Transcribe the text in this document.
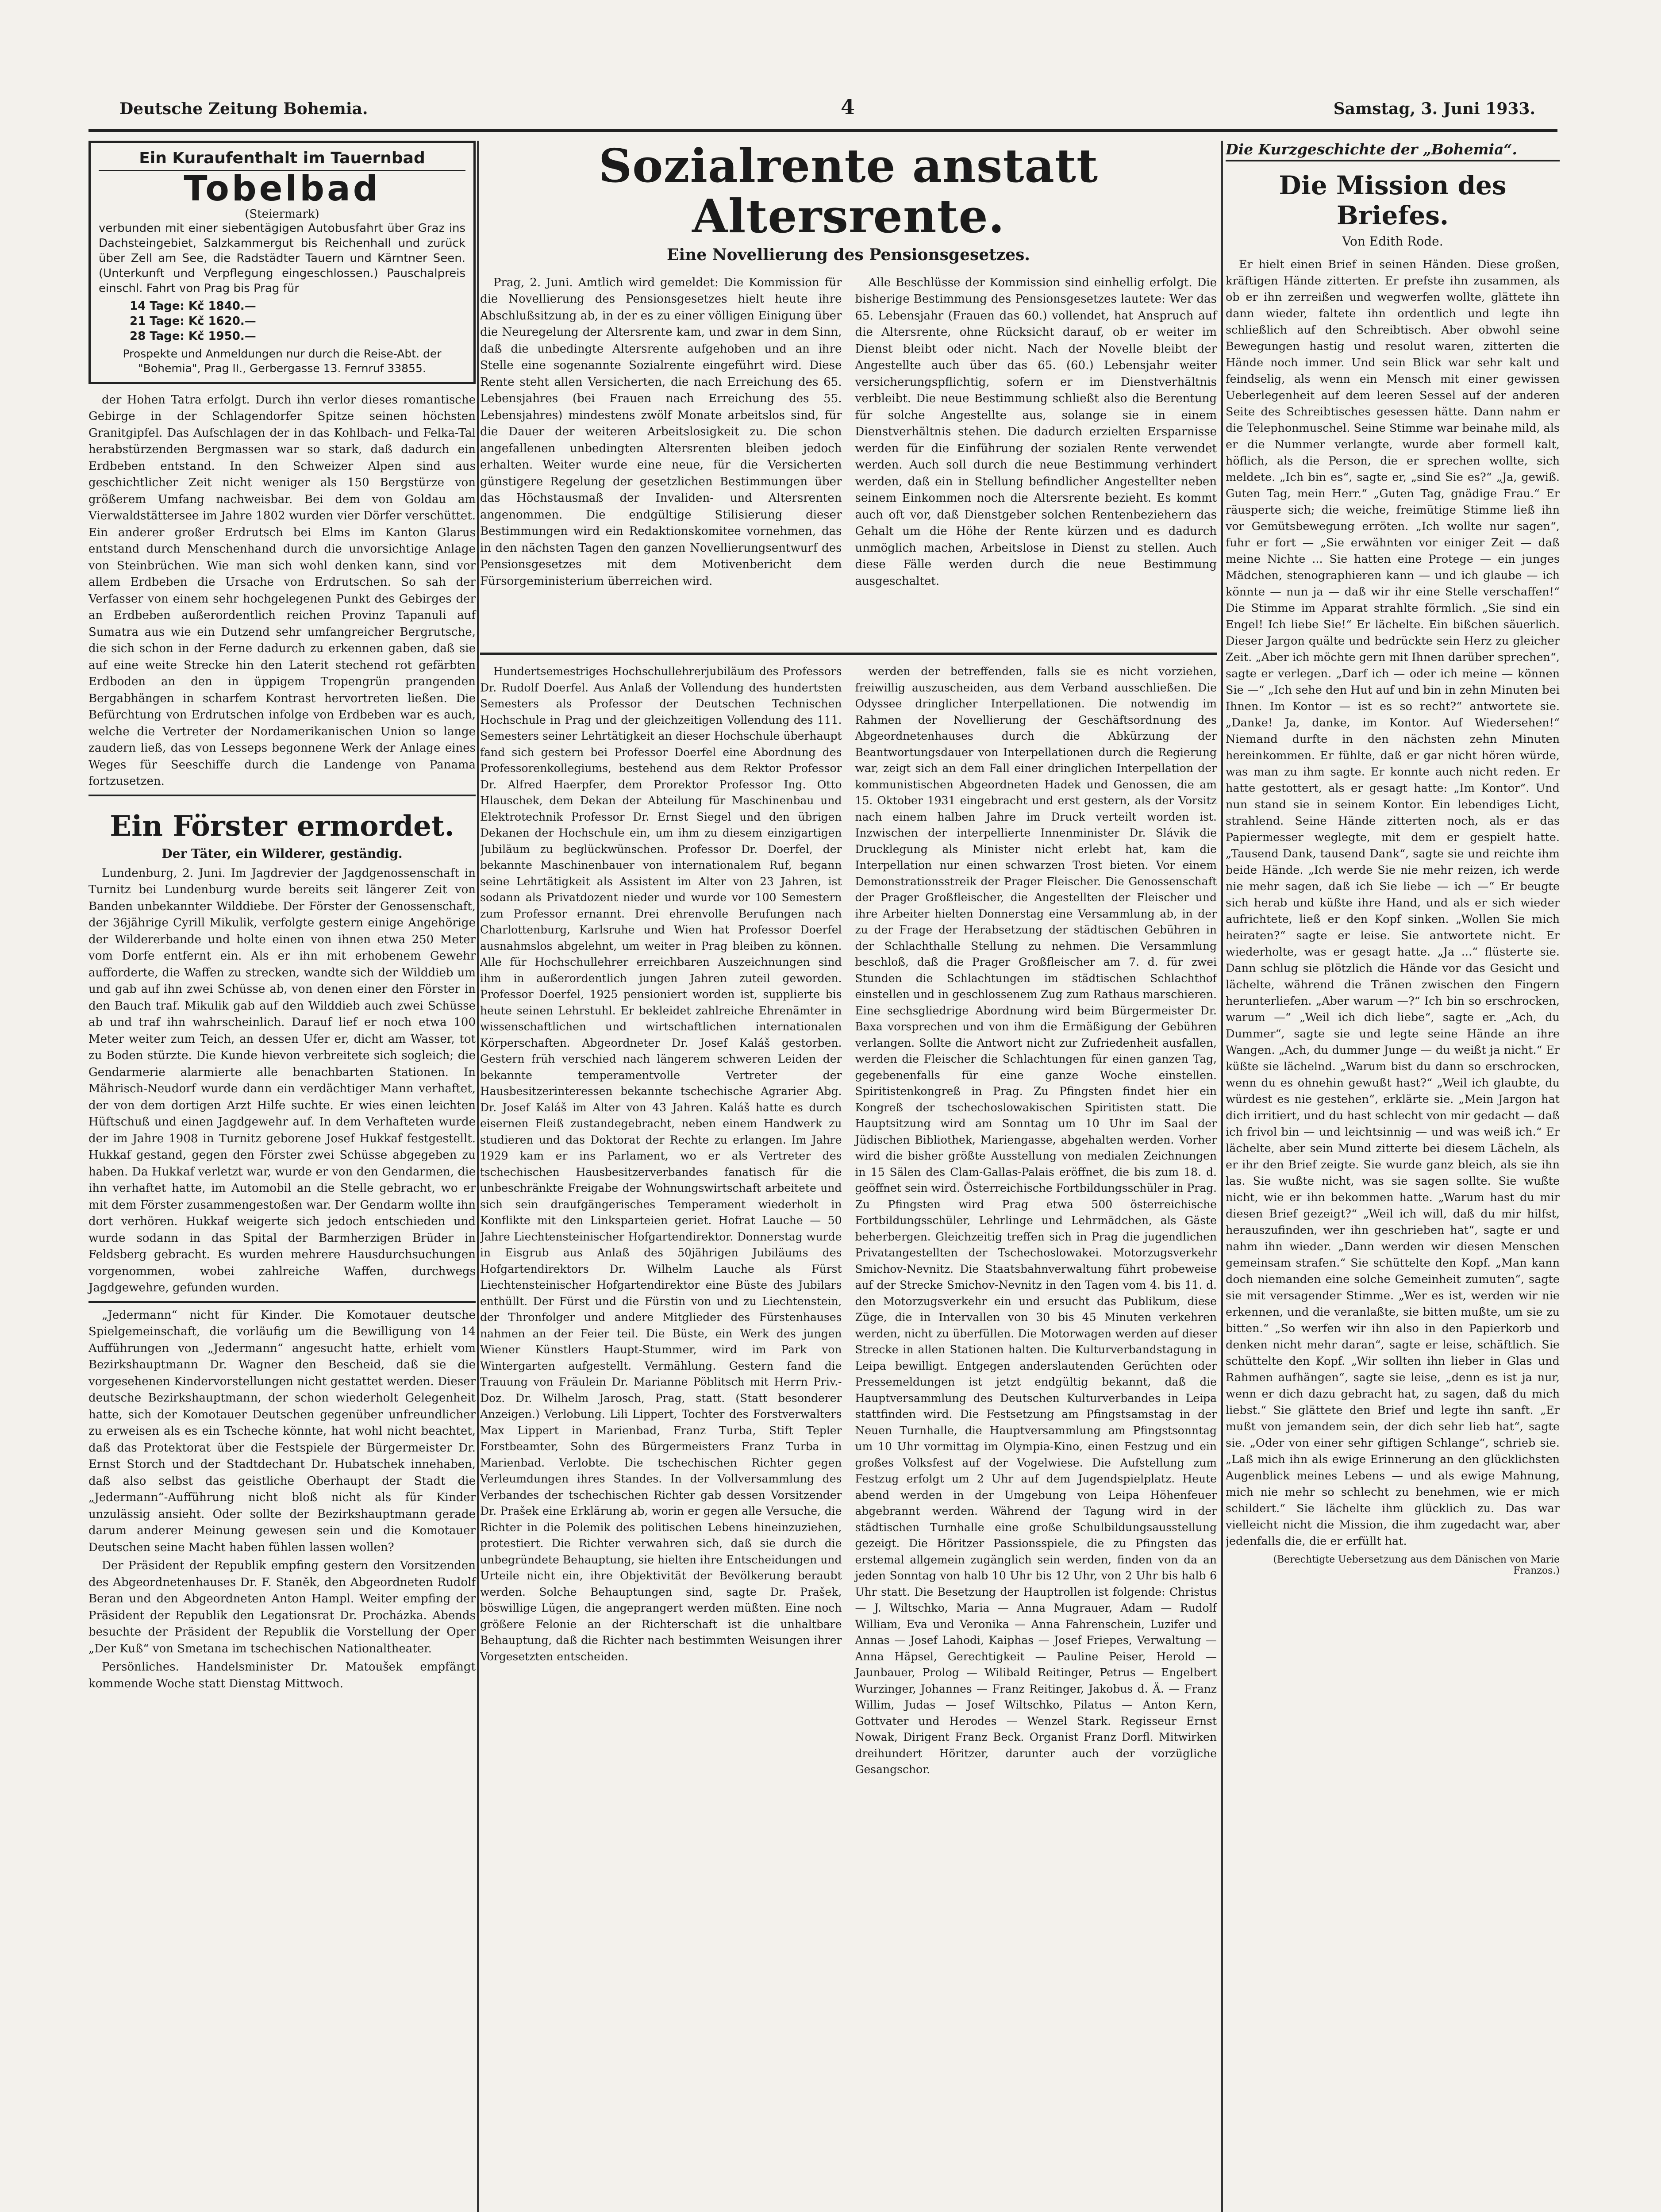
Deutsche Zeitung Bohemia.	4	Samstag, 3. Juni 1933.
Ein Kuraufenthalt im Tauernbad
Tobelbad
(Steiermark)
verbunden mit einer siebentägigen Autobusfahrt über Graz ins Dachsteingebiet, Salzkammergut bis Reichenhall und zurück über Zell am See, die Radstädter Tauern und Kärntner Seen. (Unterkunft und Verpflegung eingeschlossen.) Pauschalpreis einschl. Fahrt von Prag bis Prag für
14 Tage: Kč 1840.—
21 Tage: Kč 1620.—
28 Tage: Kč 1950.—
Prospekte und Anmeldungen nur durch die Reise-Abt. der "Bohemia", Prag II., Gerbergasse 13. Fernruf 33855.

der Hohen Tatra erfolgt. Durch ihn verlor dieses romantische Gebirge in der Schlagendorfer Spitze seinen höchsten Granitgipfel. Das Aufschlagen der in das Kohlbach- und Felka-Tal herabstürzenden Bergmassen war so stark, daß dadurch ein Erdbeben entstand. In den Schweizer Alpen sind aus geschichtlicher Zeit nicht weniger als 150 Bergstürze von größerem Umfang nachweisbar. Bei dem von Goldau am Vierwaldstättersee im Jahre 1802 wurden vier Dörfer verschüttet. Ein anderer großer Erdrutsch bei Elms im Kanton Glarus entstand durch Menschenhand durch die unvorsichtige Anlage von Steinbrüchen. Wie man sich wohl denken kann, sind vor allem Erdbeben die Ursache von Erdrutschen. So sah der Verfasser von einem sehr hochgelegenen Punkt des Gebirges der an Erdbeben außerordentlich reichen Provinz Tapanuli auf Sumatra aus wie ein Dutzend sehr umfangreicher Bergrutsche, die sich schon in der Ferne dadurch zu erkennen gaben, daß sie auf eine weite Strecke hin den Laterit stechend rot gefärbten Erdboden an den in üppigem Tropengrün prangenden Bergabhängen in scharfem Kontrast hervortreten ließen. Die Befürchtung von Erdrutschen infolge von Erdbeben war es auch, welche die Vertreter der Nordamerikanischen Union so lange zaudern ließ, das von Lesseps begonnene Werk der Anlage eines Weges für Seeschiffe durch die Landenge von Panama fortzusetzen.

Ein Förster ermordet.
Der Täter, ein Wilderer, geständig.

Lundenburg, 2. Juni. Im Jagdrevier der Jagdgenossenschaft in Turnitz bei Lundenburg wurde bereits seit längerer Zeit von Banden unbekannter Wilddiebe. Der Förster der Genossenschaft, der 36jährige Cyrill Mikulik, verfolgte gestern einige Angehörige der Wildererbande und holte einen von ihnen etwa 250 Meter vom Dorfe entfernt ein. Als er ihn mit erhobenem Gewehr aufforderte, die Waffen zu strecken, wandte sich der Wilddieb um und gab auf ihn zwei Schüsse ab, von denen einer den Förster in den Bauch traf. Mikulik gab auf den Wilddieb auch zwei Schüsse ab und traf ihn wahrscheinlich. Darauf lief er noch etwa 100 Meter weiter zum Teich, an dessen Ufer er, dicht am Wasser, tot zu Boden stürzte. Die Kunde hievon verbreitete sich sogleich; die Gendarmerie alarmierte alle benachbarten Stationen. In Mährisch-Neudorf wurde dann ein verdächtiger Mann verhaftet, der von dem dortigen Arzt Hilfe suchte. Er wies einen leichten Hüftschuß und einen Jagdgewehr auf. In dem Verhafteten wurde der im Jahre 1908 in Turnitz geborene Josef Hukkaf festgestellt. Hukkaf gestand, gegen den Förster zwei Schüsse abgegeben zu haben. Da Hukkaf verletzt war, wurde er von den Gendarmen, die ihn verhaftet hatte, im Automobil an die Stelle gebracht, wo er mit dem Förster zusammengestoßen war. Der Gendarm wollte ihn dort verhören. Hukkaf weigerte sich jedoch entschieden und wurde sodann in das Spital der Barmherzigen Brüder in Feldsberg gebracht. Es wurden mehrere Hausdurchsuchungen vorgenommen, wobei zahlreiche Waffen, durchwegs Jagdgewehre, gefunden wurden.

„Jedermann“ nicht für Kinder. Die Komotauer deutsche Spielgemeinschaft, die vorläufig um die Bewilligung von 14 Aufführungen von „Jedermann“ angesucht hatte, erhielt vom Bezirkshauptmann Dr. Wagner den Bescheid, daß sie die vorgesehenen Kindervorstellungen nicht gestattet werden. Dieser deutsche Bezirkshauptmann, der schon wiederholt Gelegenheit hatte, sich der Komotauer Deutschen gegenüber unfreundlicher zu erweisen als es ein Tscheche könnte, hat wohl nicht beachtet, daß das Protektorat über die Festspiele der Bürgermeister Dr. Ernst Storch und der Stadtdechant Dr. Hubatschek innehaben, daß also selbst das geistliche Oberhaupt der Stadt die „Jedermann“-Aufführung nicht bloß nicht als für Kinder unzulässig ansieht. Oder sollte der Bezirkshauptmann gerade darum anderer Meinung gewesen sein und die Komotauer Deutschen seine Macht haben fühlen lassen wollen?

Der Präsident der Republik empfing gestern den Vorsitzenden des Abgeordnetenhauses Dr. F. Staněk, den Abgeordneten Rudolf Beran und den Abgeordneten Anton Hampl. Weiter empfing der Präsident der Republik den Legationsrat Dr. Procházka. Abends besuchte der Präsident der Republik die Vorstellung der Oper „Der Kuß“ von Smetana im tschechischen Nationaltheater.

Persönliches. Handelsminister Dr. Matoušek empfängt kommende Woche statt Dienstag Mittwoch.

Sozialrente anstatt Altersrente.
Eine Novellierung des Pensionsgesetzes.

Prag, 2. Juni. Amtlich wird gemeldet: Die Kommission für die Novellierung des Pensionsgesetzes hielt heute ihre Abschlußsitzung ab, in der es zu einer völligen Einigung über die Neuregelung der Altersrente kam, und zwar in dem Sinn, daß die unbedingte Altersrente aufgehoben und an ihre Stelle eine sogenannte Sozialrente eingeführt wird. Diese Rente steht allen Versicherten, die nach Erreichung des 65. Lebensjahres (bei Frauen nach Erreichung des 55. Lebensjahres) mindestens zwölf Monate arbeitslos sind, für die Dauer der weiteren Arbeitslosigkeit zu. Die schon angefallenen unbedingten Altersrenten bleiben jedoch erhalten. Weiter wurde eine neue, für die Versicherten günstigere Regelung der gesetzlichen Bestimmungen über das Höchstausmaß der Invaliden- und Altersrenten angenommen. Die endgültige Stilisierung dieser Bestimmungen wird ein Redaktionskomitee vornehmen, das in den nächsten Tagen den ganzen Novellierungsentwurf des Pensionsgesetzes mit dem Motivenbericht dem Fürsorgeministerium überreichen wird.

Alle Beschlüsse der Kommission sind einhellig erfolgt. Die bisherige Bestimmung des Pensionsgesetzes lautete: Wer das 65. Lebensjahr (Frauen das 60.) vollendet, hat Anspruch auf die Altersrente, ohne Rücksicht darauf, ob er weiter im Dienst bleibt oder nicht. Nach der Novelle bleibt der Angestellte auch über das 65. (60.) Lebensjahr weiter versicherungspflichtig, sofern er im Dienstverhältnis verbleibt. Die neue Bestimmung schließt also die Berentung für solche Angestellte aus, solange sie in einem Dienstverhältnis stehen. Die dadurch erzielten Ersparnisse werden für die Einführung der sozialen Rente verwendet werden. Auch soll durch die neue Bestimmung verhindert werden, daß ein in Stellung befindlicher Angestellter neben seinem Einkommen noch die Altersrente bezieht. Es kommt auch oft vor, daß Dienstgeber solchen Rentenbeziehern das Gehalt um die Höhe der Rente kürzen und es dadurch unmöglich machen, Arbeitslose in Dienst zu stellen. Auch diese Fälle werden durch die neue Bestimmung ausgeschaltet.

Hundertsemestriges Hochschullehrerjubiläum des Professors Dr. Rudolf Doerfel. Aus Anlaß der Vollendung des hundertsten Semesters als Professor der Deutschen Technischen Hochschule in Prag und der gleichzeitigen Vollendung des 111. Semesters seiner Lehrtätigkeit an dieser Hochschule überhaupt fand sich gestern bei Professor Doerfel eine Abordnung des Professorenkollegiums, bestehend aus dem Rektor Professor Dr. Alfred Haerpfer, dem Prorektor Professor Ing. Otto Hlauschek, dem Dekan der Abteilung für Maschinenbau und Elektrotechnik Professor Dr. Ernst Siegel und den übrigen Dekanen der Hochschule ein, um ihm zu diesem einzigartigen Jubiläum zu beglückwünschen. Professor Dr. Doerfel, der bekannte Maschinenbauer von internationalem Ruf, begann seine Lehrtätigkeit als Assistent im Alter von 23 Jahren, ist sodann als Privatdozent nieder und wurde vor 100 Semestern zum Professor ernannt. Drei ehrenvolle Berufungen nach Charlottenburg, Karlsruhe und Wien hat Professor Doerfel ausnahmslos abgelehnt, um weiter in Prag bleiben zu können. Alle für Hochschullehrer erreichbaren Auszeichnungen sind ihm in außerordentlich jungen Jahren zuteil geworden. Professor Doerfel, 1925 pensioniert worden ist, supplierte bis heute seinen Lehrstuhl. Er bekleidet zahlreiche Ehrenämter in wissenschaftlichen und wirtschaftlichen internationalen Körperschaften. Abgeordneter Dr. Josef Kaláš gestorben. Gestern früh verschied nach längerem schweren Leiden der bekannte temperamentvolle Vertreter der Hausbesitzerinteressen bekannte tschechische Agrarier Abg. Dr. Josef Kaláš im Alter von 43 Jahren. Kaláš hatte es durch eisernen Fleiß zustandegebracht, neben einem Handwerk zu studieren und das Doktorat der Rechte zu erlangen. Im Jahre 1929 kam er ins Parlament, wo er als Vertreter des tschechischen Hausbesitzerverbandes fanatisch für die unbeschränkte Freigabe der Wohnungswirtschaft arbeitete und sich sein draufgängerisches Temperament wiederholt in Konflikte mit den Linksparteien geriet. Hofrat Lauche — 50 Jahre Liechtensteinischer Hofgartendirektor. Donnerstag wurde in Eisgrub aus Anlaß des 50jährigen Jubiläums des Hofgartendirektors Dr. Wilhelm Lauche als Fürst Liechtensteinischer Hofgartendirektor eine Büste des Jubilars enthüllt. Der Fürst und die Fürstin von und zu Liechtenstein, der Thronfolger und andere Mitglieder des Fürstenhauses nahmen an der Feier teil. Die Büste, ein Werk des jungen Wiener Künstlers Haupt-Stummer, wird im Park von Wintergarten aufgestellt. Vermählung. Gestern fand die Trauung von Fräulein Dr. Marianne Pöblitsch mit Herrn Priv.-Doz. Dr. Wilhelm Jarosch, Prag, statt. (Statt besonderer Anzeigen.) Verlobung. Lili Lippert, Tochter des Forstverwalters Max Lippert in Marienbad, Franz Turba, Stift Tepler Forstbeamter, Sohn des Bürgermeisters Franz Turba in Marienbad. Verlobte. Die tschechischen Richter gegen Verleumdungen ihres Standes. In der Vollversammlung des Verbandes der tschechischen Richter gab dessen Vorsitzender Dr. Prašek eine Erklärung ab, worin er gegen alle Versuche, die Richter in die Polemik des politischen Lebens hineinzuziehen, protestiert. Die Richter verwahren sich, daß sie durch die unbegründete Behauptung, sie hielten ihre Entscheidungen und Urteile nicht ein, ihre Objektivität der Bevölkerung beraubt werden. Solche Behauptungen sind, sagte Dr. Prašek, böswillige Lügen, die angeprangert werden müßten. Eine noch größere Felonie an der Richterschaft ist die unhaltbare Behauptung, daß die Richter nach bestimmten Weisungen ihrer Vorgesetzten entscheiden.

werden der betreffenden, falls sie es nicht vorziehen, freiwillig auszuscheiden, aus dem Verband ausschließen. Die Odyssee dringlicher Interpellationen. Die notwendig im Rahmen der Novellierung der Geschäftsordnung des Abgeordnetenhauses durch die Abkürzung der Beantwortungsdauer von Interpellationen durch die Regierung war, zeigt sich an dem Fall einer dringlichen Interpellation der kommunistischen Abgeordneten Hadek und Genossen, die am 15. Oktober 1931 eingebracht und erst gestern, als der Vorsitz nach einem halben Jahre im Druck verteilt worden ist. Inzwischen der interpellierte Innenminister Dr. Slávik die Drucklegung als Minister nicht erlebt hat, kam die Interpellation nur einen schwarzen Trost bieten. Vor einem Demonstrationsstreik der Prager Fleischer. Die Genossenschaft der Prager Großfleischer, die Angestellten der Fleischer und ihre Arbeiter hielten Donnerstag eine Versammlung ab, in der zu der Frage der Herabsetzung der städtischen Gebühren in der Schlachthalle Stellung zu nehmen. Die Versammlung beschloß, daß die Prager Großfleischer am 7. d. für zwei Stunden die Schlachtungen im städtischen Schlachthof einstellen und in geschlossenem Zug zum Rathaus marschieren. Eine sechsgliedrige Abordnung wird beim Bürgermeister Dr. Baxa vorsprechen und von ihm die Ermäßigung der Gebühren verlangen. Sollte die Antwort nicht zur Zufriedenheit ausfallen, werden die Fleischer die Schlachtungen für einen ganzen Tag, gegebenenfalls für eine ganze Woche einstellen. Spiritistenkongreß in Prag. Zu Pfingsten findet hier ein Kongreß der tschechoslowakischen Spiritisten statt. Die Hauptsitzung wird am Sonntag um 10 Uhr im Saal der Jüdischen Bibliothek, Mariengasse, abgehalten werden. Vorher wird die bisher größte Ausstellung von medialen Zeichnungen in 15 Sälen des Clam-Gallas-Palais eröffnet, die bis zum 18. d. geöffnet sein wird. Österreichische Fortbildungsschüler in Prag. Zu Pfingsten wird Prag etwa 500 österreichische Fortbildungsschüler, Lehrlinge und Lehrmädchen, als Gäste beherbergen. Gleichzeitig treffen sich in Prag die jugendlichen Privatangestellten der Tschechoslowakei. Motorzugsverkehr Smichov-Nevnitz. Die Staatsbahnverwaltung führt probeweise auf der Strecke Smichov-Nevnitz in den Tagen vom 4. bis 11. d. den Motorzugsverkehr ein und ersucht das Publikum, diese Züge, die in Intervallen von 30 bis 45 Minuten verkehren werden, nicht zu überfüllen. Die Motorwagen werden auf dieser Strecke in allen Stationen halten. Die Kulturverbandstagung in Leipa bewilligt. Entgegen anderslautenden Gerüchten oder Pressemeldungen ist jetzt endgültig bekannt, daß die Hauptversammlung des Deutschen Kulturverbandes in Leipa stattfinden wird. Die Festsetzung am Pfingstsamstag in der Neuen Turnhalle, die Hauptversammlung am Pfingstsonntag um 10 Uhr vormittag im Olympia-Kino, einen Festzug und ein großes Volksfest auf der Vogelwiese. Die Aufstellung zum Festzug erfolgt um 2 Uhr auf dem Jugendspielplatz. Heute abend werden in der Umgebung von Leipa Höhenfeuer abgebrannt werden. Während der Tagung wird in der städtischen Turnhalle eine große Schulbildungsausstellung gezeigt. Die Höritzer Passionsspiele, die zu Pfingsten das erstemal allgemein zugänglich sein werden, finden von da an jeden Sonntag von halb 10 Uhr bis 12 Uhr, von 2 Uhr bis halb 6 Uhr statt. Die Besetzung der Hauptrollen ist folgende: Christus — J. Wiltschko, Maria — Anna Mugrauer, Adam — Rudolf William, Eva und Veronika — Anna Fahrenschein, Luzifer und Annas — Josef Lahodi, Kaiphas — Josef Friepes, Verwaltung — Anna Häpsel, Gerechtigkeit — Pauline Peiser, Herold — Jaunbauer, Prolog — Wilibald Reitinger, Petrus — Engelbert Wurzinger, Johannes — Franz Reitinger, Jakobus d. Ä. — Franz Willim, Judas — Josef Wiltschko, Pilatus — Anton Kern, Gottvater und Herodes — Wenzel Stark. Regisseur Ernst Nowak, Dirigent Franz Beck. Organist Franz Dorfl. Mitwirken dreihundert Höritzer, darunter auch der vorzügliche Gesangschor.

Die Kurzgeschichte der „Bohemia“.
Die Mission des Briefes.
Von Edith Rode.

Er hielt einen Brief in seinen Händen. Diese großen, kräftigen Hände zitterten. Er prefste ihn zusammen, als ob er ihn zerreißen und wegwerfen wollte, glättete ihn dann wieder, faltete ihn ordentlich und legte ihn schließlich auf den Schreibtisch. Aber obwohl seine Bewegungen hastig und resolut waren, zitterten die Hände noch immer. Und sein Blick war sehr kalt und feindselig, als wenn ein Mensch mit einer gewissen Ueberlegenheit auf dem leeren Sessel auf der anderen Seite des Schreibtisches gesessen hätte. Dann nahm er die Telephonmuschel. Seine Stimme war beinahe mild, als er die Nummer verlangte, wurde aber formell kalt, höflich, als die Person, die er sprechen wollte, sich meldete. „Ich bin es“, sagte er, „sind Sie es?“ „Ja, gewiß. Guten Tag, mein Herr.“ „Guten Tag, gnädige Frau.“ Er räusperte sich; die weiche, freimütige Stimme ließ ihn vor Gemütsbewegung erröten. „Ich wollte nur sagen“, fuhr er fort — „Sie erwähnten vor einiger Zeit — daß meine Nichte ... Sie hatten eine Protege — ein junges Mädchen, stenographieren kann — und ich glaube — ich könnte — nun ja — daß wir ihr eine Stelle verschaffen!“ Die Stimme im Apparat strahlte förmlich. „Sie sind ein Engel! Ich liebe Sie!“ Er lächelte. Ein bißchen säuerlich. Dieser Jargon quälte und bedrückte sein Herz zu gleicher Zeit. „Aber ich möchte gern mit Ihnen darüber sprechen“, sagte er verlegen. „Darf ich — oder ich meine — können Sie —“ „Ich sehe den Hut auf und bin in zehn Minuten bei Ihnen. Im Kontor — ist es so recht?“ antwortete sie. „Danke! Ja, danke, im Kontor. Auf Wiedersehen!“ Niemand durfte in den nächsten zehn Minuten hereinkommen. Er fühlte, daß er gar nicht hören würde, was man zu ihm sagte. Er konnte auch nicht reden. Er hatte gestottert, als er gesagt hatte: „Im Kontor“. Und nun stand sie in seinem Kontor. Ein lebendiges Licht, strahlend. Seine Hände zitterten noch, als er das Papiermesser weglegte, mit dem er gespielt hatte. „Tausend Dank, tausend Dank“, sagte sie und reichte ihm beide Hände. „Ich werde Sie nie mehr reizen, ich werde nie mehr sagen, daß ich Sie liebe — ich —“ Er beugte sich herab und küßte ihre Hand, und als er sich wieder aufrichtete, ließ er den Kopf sinken. „Wollen Sie mich heiraten?“ sagte er leise. Sie antwortete nicht. Er wiederholte, was er gesagt hatte. „Ja ...“ flüsterte sie. Dann schlug sie plötzlich die Hände vor das Gesicht und lächelte, während die Tränen zwischen den Fingern herunterliefen. „Aber warum —?“ Ich bin so erschrocken, warum —“ „Weil ich dich liebe“, sagte er. „Ach, du Dummer“, sagte sie und legte seine Hände an ihre Wangen. „Ach, du dummer Junge — du weißt ja nicht.“ Er küßte sie lächelnd. „Warum bist du dann so erschrocken, wenn du es ohnehin gewußt hast?“ „Weil ich glaubte, du würdest es nie gestehen“, erklärte sie. „Mein Jargon hat dich irritiert, und du hast schlecht von mir gedacht — daß ich frivol bin — und leichtsinnig — und was weiß ich.“ Er lächelte, aber sein Mund zitterte bei diesem Lächeln, als er ihr den Brief zeigte. Sie wurde ganz bleich, als sie ihn las. Sie wußte nicht, was sie sagen sollte. Sie wußte nicht, wie er ihn bekommen hatte. „Warum hast du mir diesen Brief gezeigt?“ „Weil ich will, daß du mir hilfst, herauszufinden, wer ihn geschrieben hat“, sagte er und nahm ihn wieder. „Dann werden wir diesen Menschen gemeinsam strafen.“ Sie schüttelte den Kopf. „Man kann doch niemanden eine solche Gemeinheit zumuten“, sagte sie mit versagender Stimme. „Wer es ist, werden wir nie erkennen, und die veranlaßte, sie bitten mußte, um sie zu bitten.“ „So werfen wir ihn also in den Papierkorb und denken nicht mehr daran“, sagte er leise, schäftlich. Sie schüttelte den Kopf. „Wir sollten ihn lieber in Glas und Rahmen aufhängen“, sagte sie leise, „denn es ist ja nur, wenn er dich dazu gebracht hat, zu sagen, daß du mich liebst.“ Sie glättete den Brief und legte ihn sanft. „Er mußt von jemandem sein, der dich sehr lieb hat“, sagte sie. „Oder von einer sehr giftigen Schlange“, schrieb sie. „Laß mich ihn als ewige Erinnerung an den glücklichsten Augenblick meines Lebens — und als ewige Mahnung, mich nie mehr so schlecht zu benehmen, wie er mich schildert.“ Sie lächelte ihm glücklich zu. Das war vielleicht nicht die Mission, die ihm zugedacht war, aber jedenfalls die, die er erfüllt hat.

(Berechtigte Uebersetzung aus dem Dänischen von Marie Franzos.)
